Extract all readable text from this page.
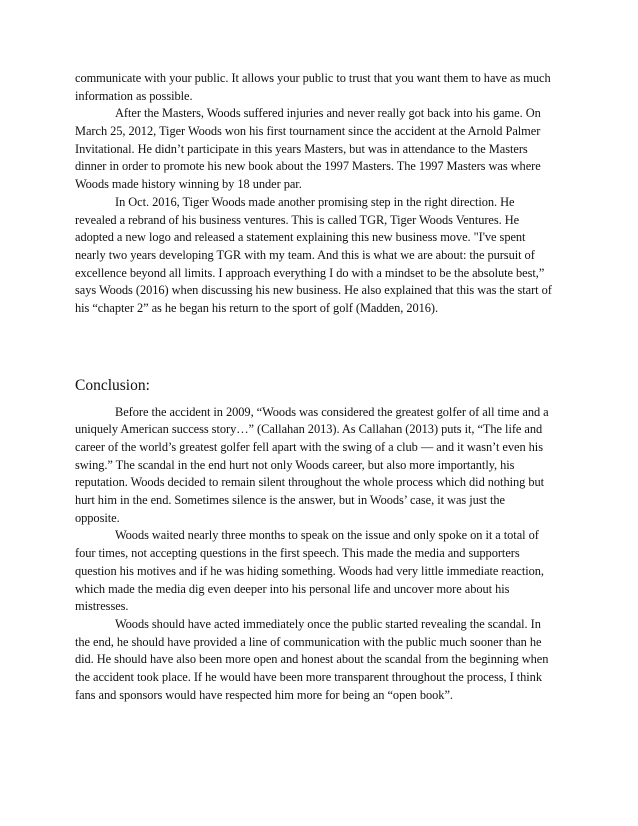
communicate with your public. It allows your public to trust that you want them to have as much
information as possible.
After the Masters, Woods suffered injuries and never really got back into his game. On
March 25, 2012, Tiger Woods won his first tournament since the accident at the Arnold Palmer
Invitational. He didn’t participate in this years Masters, but was in attendance to the Masters
dinner in order to promote his new book about the 1997 Masters. The 1997 Masters was where
Woods made history winning by 18 under par.
In Oct. 2016, Tiger Woods made another promising step in the right direction. He
revealed a rebrand of his business ventures. This is called TGR, Tiger Woods Ventures. He
adopted a new logo and released a statement explaining this new business move. "I've spent
nearly two years developing TGR with my team. And this is what we are about: the pursuit of
excellence beyond all limits. I approach everything I do with a mindset to be the absolute best,”
says Woods (2016) when discussing his new business. He also explained that this was the start of
his “chapter 2” as he began his return to the sport of golf (Madden, 2016).
Conclusion:
Before the accident in 2009, “Woods was considered the greatest golfer of all time and a
uniquely American success story…” (Callahan 2013). As Callahan (2013) puts it, “The life and
career of the world’s greatest golfer fell apart with the swing of a club — and it wasn’t even his
swing.” The scandal in the end hurt not only Woods career, but also more importantly, his
reputation. Woods decided to remain silent throughout the whole process which did nothing but
hurt him in the end. Sometimes silence is the answer, but in Woods’ case, it was just the
opposite.
Woods waited nearly three months to speak on the issue and only spoke on it a total of
four times, not accepting questions in the first speech. This made the media and supporters
question his motives and if he was hiding something. Woods had very little immediate reaction,
which made the media dig even deeper into his personal life and uncover more about his
mistresses.
Woods should have acted immediately once the public started revealing the scandal. In
the end, he should have provided a line of communication with the public much sooner than he
did. He should have also been more open and honest about the scandal from the beginning when
the accident took place. If he would have been more transparent throughout the process, I think
fans and sponsors would have respected him more for being an “open book”.
